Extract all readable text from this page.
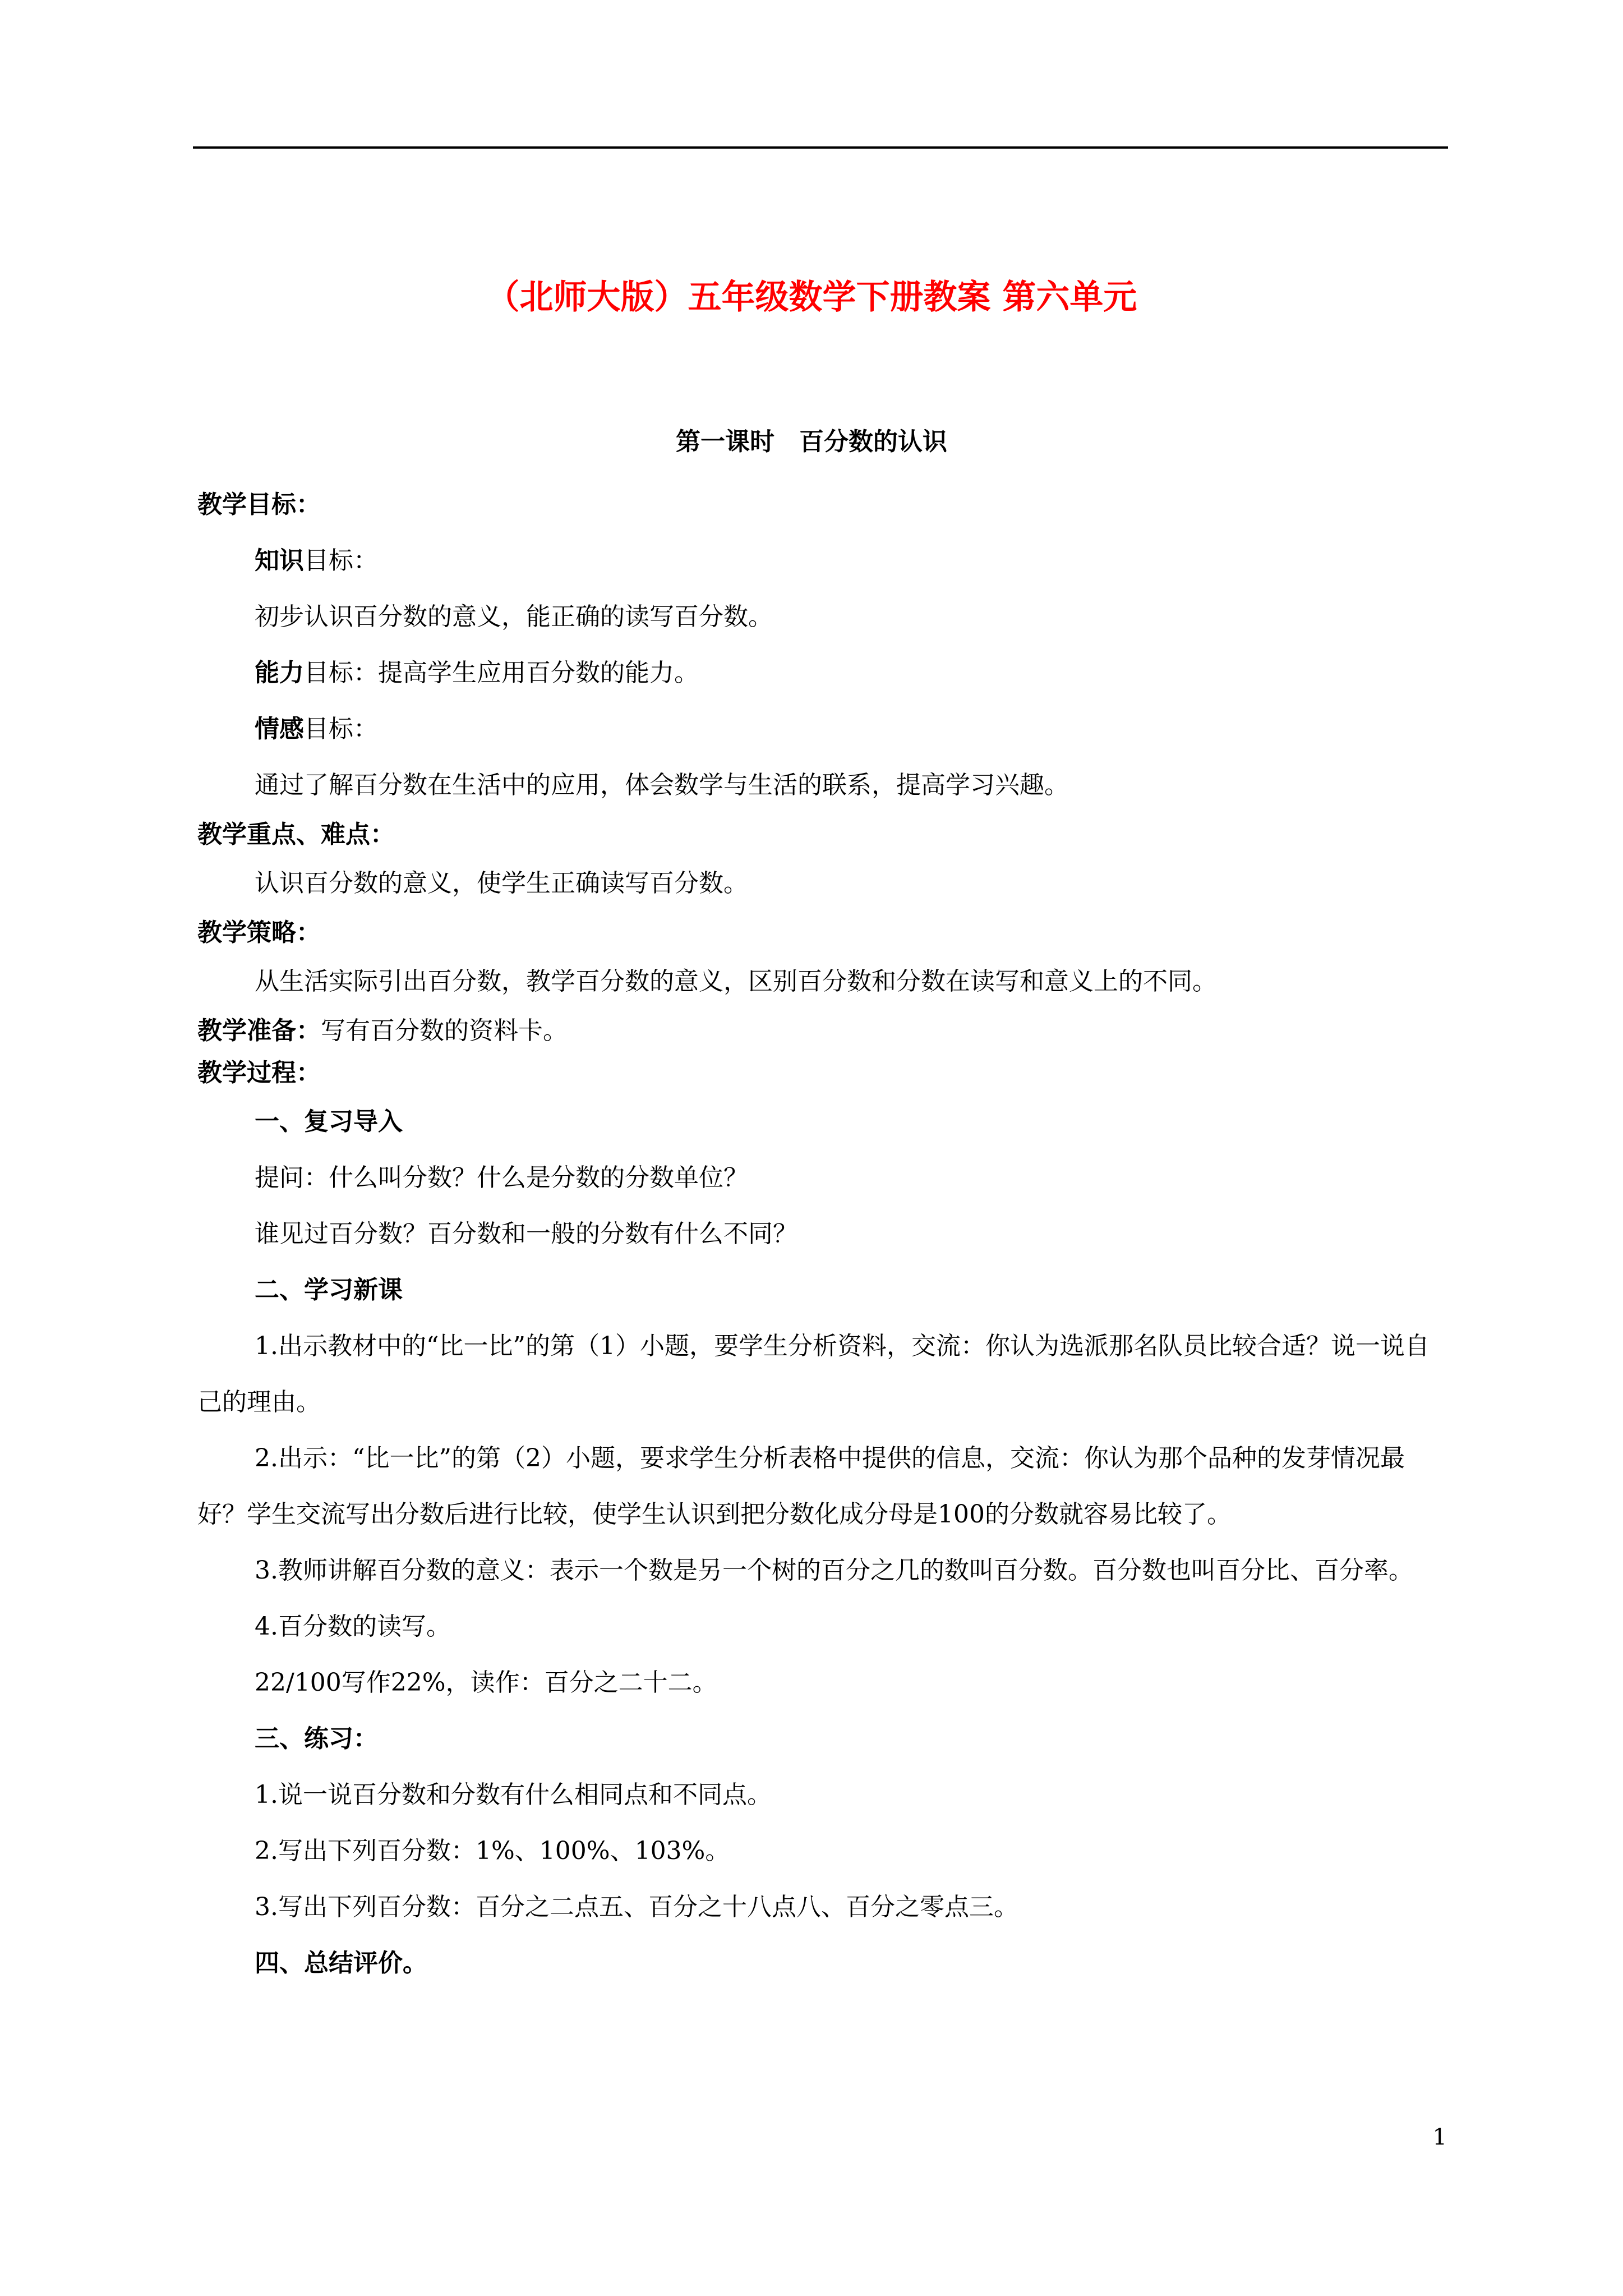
（北师大版）五年级数学下册教案 第六单元
第一课时　百分数的认识
教学目标：
知识目标：
初步认识百分数的意义，能正确的读写百分数。
能力目标：提高学生应用百分数的能力。
情感目标：
通过了解百分数在生活中的应用，体会数学与生活的联系，提高学习兴趣。
教学重点、难点：
认识百分数的意义，使学生正确读写百分数。
教学策略：
从生活实际引出百分数，教学百分数的意义，区别百分数和分数在读写和意义上的不同。
教学准备：写有百分数的资料卡。
教学过程：
一、复习导入
提问：什么叫分数？什么是分数的分数单位？
谁见过百分数？百分数和一般的分数有什么不同？
二、学习新课
1.出示教材中的“比一比”的第（1）小题，要学生分析资料，交流：你认为选派那名队员比较合适？说一说自己的理由。
2.出示：“比一比”的第（2）小题，要求学生分析表格中提供的信息，交流：你认为那个品种的发芽情况最好？学生交流写出分数后进行比较，使学生认识到把分数化成分母是100的分数就容易比较了。
3.教师讲解百分数的意义：表示一个数是另一个树的百分之几的数叫百分数。百分数也叫百分比、百分率。
4.百分数的读写。
22/100写作22%，读作：百分之二十二。
三、练习：
1.说一说百分数和分数有什么相同点和不同点。
2.写出下列百分数：1%、100%、103%。
3.写出下列百分数：百分之二点五、百分之十八点八、百分之零点三。
四、总结评价。
1
